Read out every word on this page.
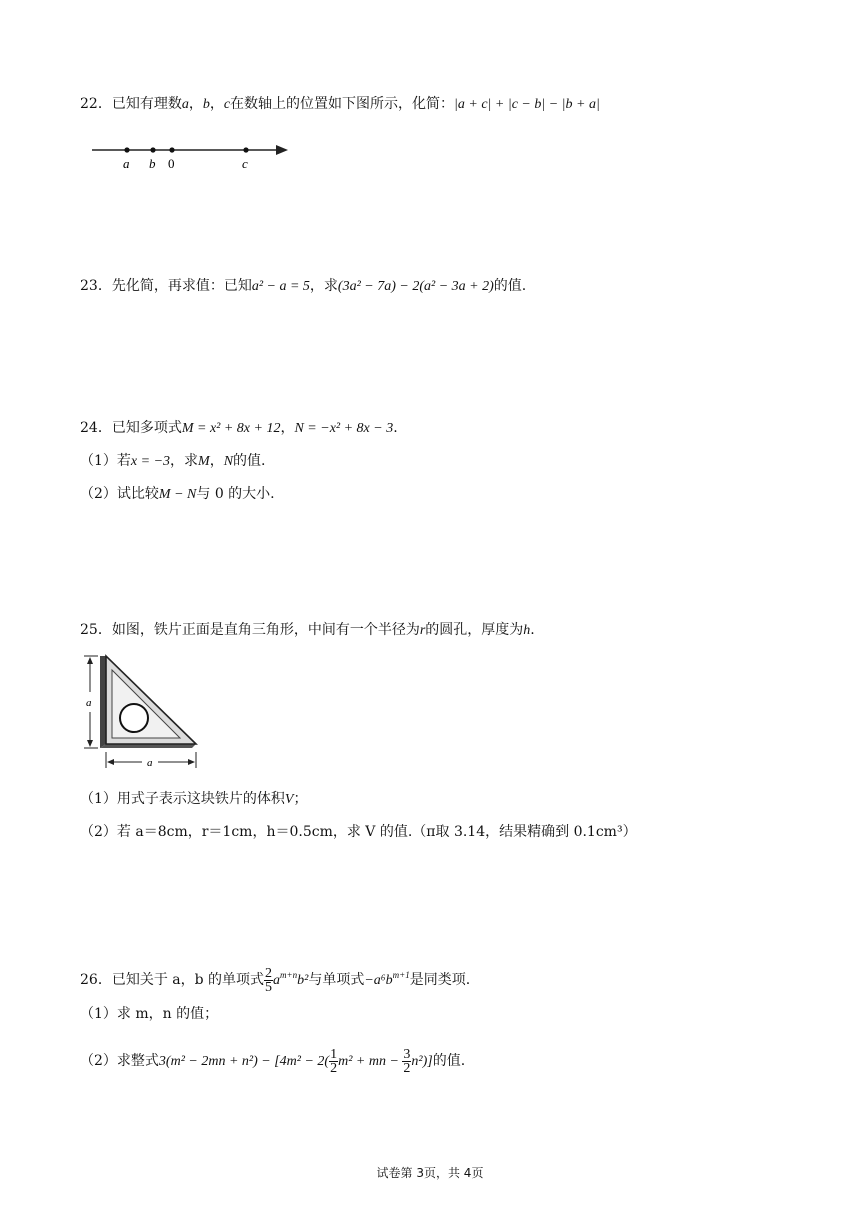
22．已知有理数a，b，c在数轴上的位置如下图所示，化简：|a + c| + |c − b| − |b + a|
a b 0	c
23．先化简，再求值：已知a² − a = 5，求(3a² − 7a) − 2(a² − 3a + 2)的值.
24．已知多项式M = x² + 8x + 12，N = −x² + 8x − 3.
（1）若x = −3，求M，N的值.
（2）试比较M − N与 0 的大小.
25．如图，铁片正面是直角三角形，中间有一个半径为r的圆孔，厚度为h.
a
a
（1）用式子表示这块铁片的体积V；
（2）若 a＝8cm，r＝1cm，h＝0.5cm，求 V 的值.（π取 3.14，结果精确到 0.1cm³）
26．已知关于 a，b 的单项式 $\frac{2}{5} a^{m+n}b^2$与单项式$-a^6b^{m+1}$是同类项.
（1）求 m，n 的值；
（2）求整式$3(m^2 - 2mn + n^2) - [4m^2 - 2( \frac{1}{2} m^2$ + mn − $\frac{3}{2} n^2$)]的值.
试卷第 3页，共 4页
